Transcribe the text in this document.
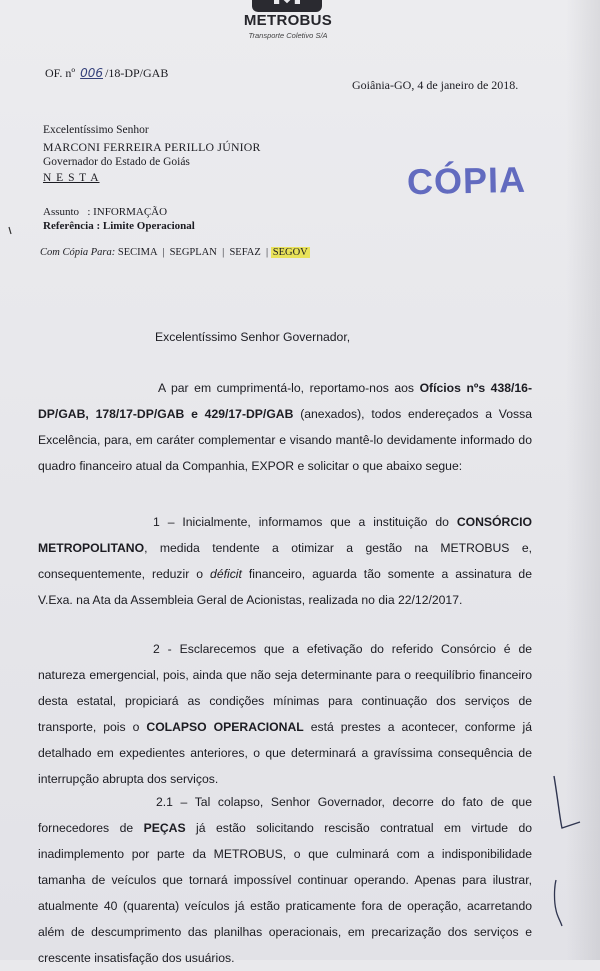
METROBUS
Transporte Coletivo S/A
OF. nº 006 /18-DP/GAB
Goiânia-GO, 4 de janeiro de 2018.
Excelentíssimo Senhor
MARCONI FERREIRA PERILLO JÚNIOR
Governador do Estado de Goiás
N E S T A	CÓPIA
Assunto : INFORMAÇÃO
Referência : Limite Operacional
Com Cópia Para: SECIMA  |  SEGPLAN  |  SEFAZ  | SEGOV
Excelentíssimo Senhor Governador,

A par em cumprimentá-lo, reportamo-nos aos Ofícios nºs 438/16-DP/GAB, 178/17-DP/GAB e 429/17-DP/GAB (anexados), todos endereçados a Vossa Excelência, para, em caráter complementar e visando mantê-lo devidamente informado do quadro financeiro atual da Companhia, EXPOR e solicitar o que abaixo segue:

1 – Inicialmente, informamos que a instituição do CONSÓRCIO METROPOLITANO, medida tendente a otimizar a gestão na METROBUS e, consequentemente, reduzir o déficit financeiro, aguarda tão somente a assinatura de V.Exa. na Ata da Assembleia Geral de Acionistas, realizada no dia 22/12/2017.

2 - Esclarecemos que a efetivação do referido Consórcio é de natureza emergencial, pois, ainda que não seja determinante para o reequilíbrio financeiro desta estatal, propiciará as condições mínimas para continuação dos serviços de transporte, pois o COLAPSO OPERACIONAL está prestes a acontecer, conforme já detalhado em expedientes anteriores, o que determinará a gravíssima consequência de interrupção abrupta dos serviços.

2.1 – Tal colapso, Senhor Governador, decorre do fato de que fornecedores de PEÇAS já estão solicitando rescisão contratual em virtude do inadimplemento por parte da METROBUS, o que culminará com a indisponibilidade tamanha de veículos que tornará impossível continuar operando. Apenas para ilustrar, atualmente 40 (quarenta) veículos já estão praticamente fora de operação, acarretando além de descumprimento das planilhas operacionais, em precarização dos serviços e crescente insatisfação dos usuários.
